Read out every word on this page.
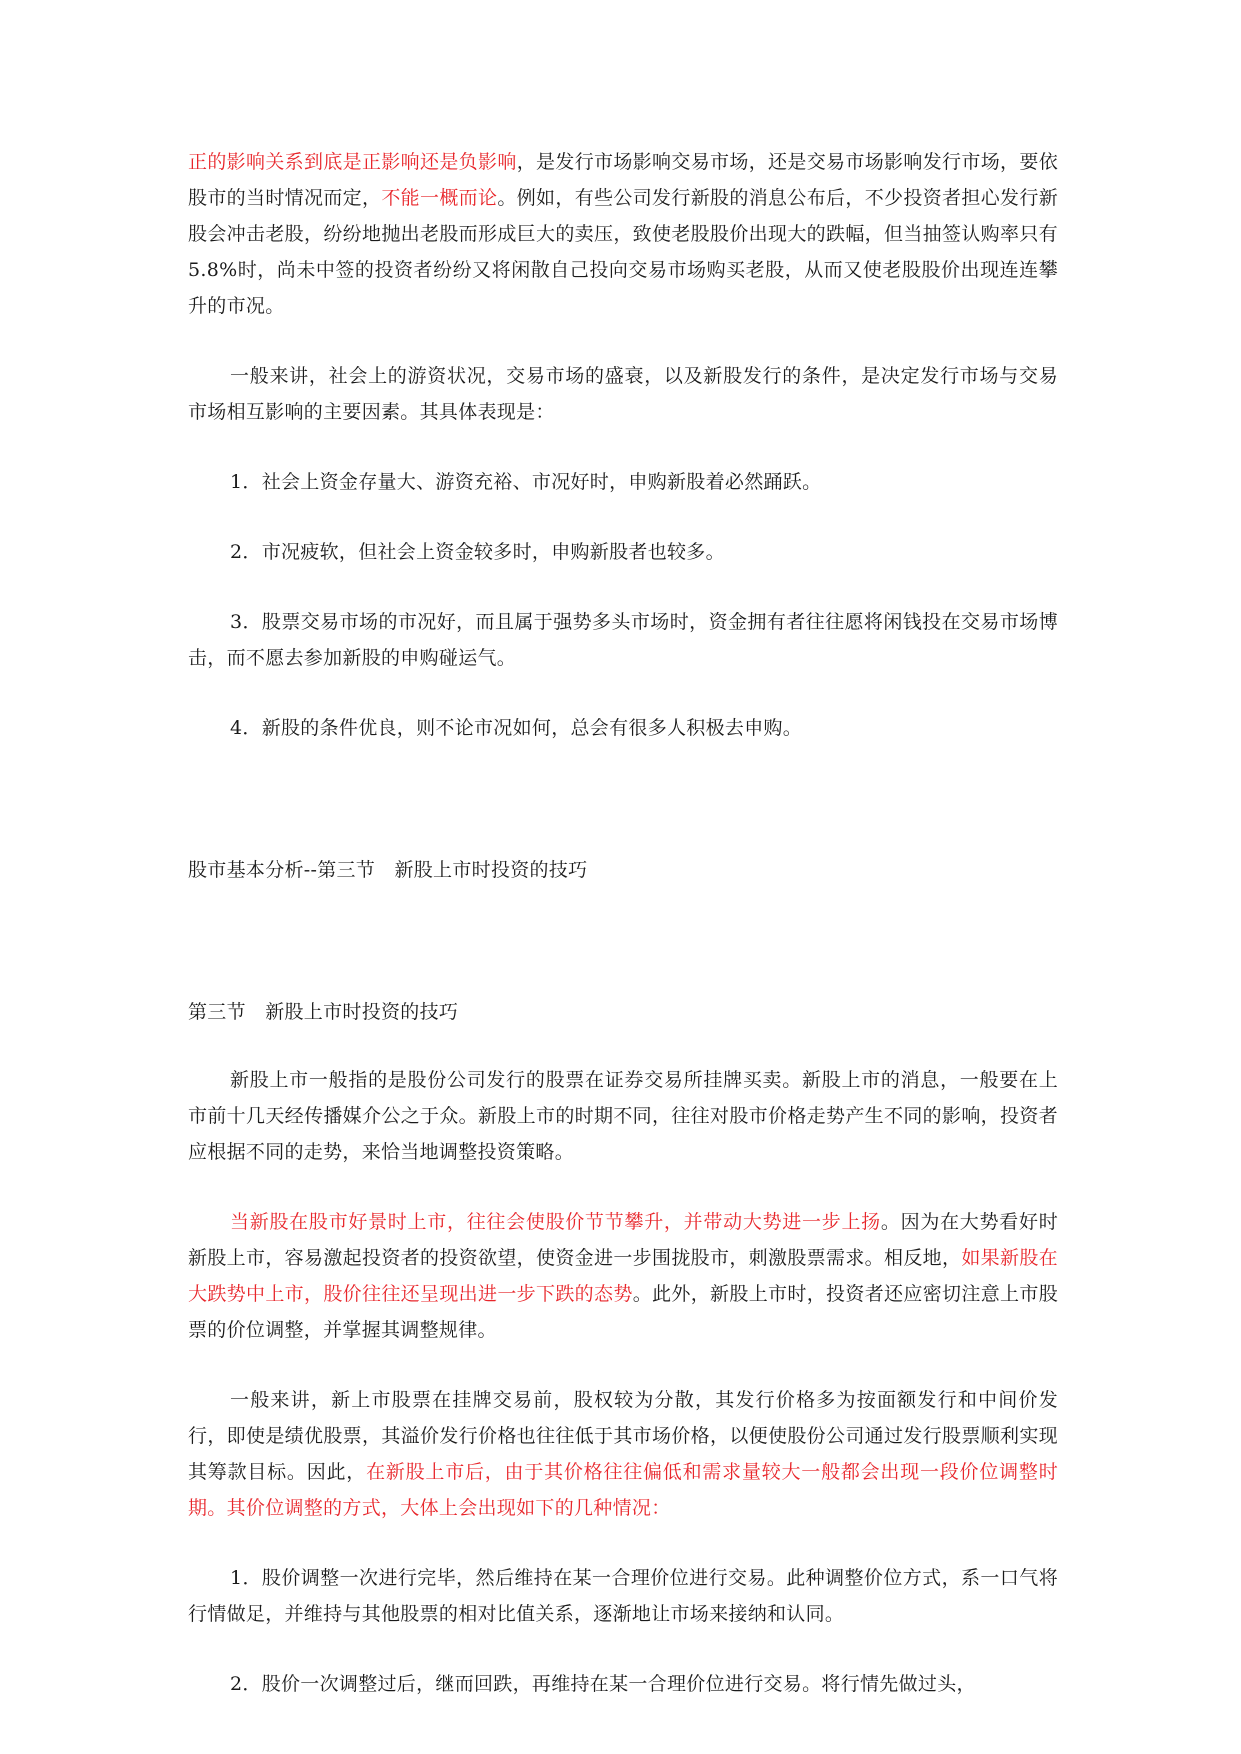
正的影响关系到底是正影响还是负影响，是发行市场影响交易市场，还是交易市场影响发行市场，要依股市的当时情况而定，不能一概而论。例如，有些公司发行新股的消息公布后，不少投资者担心发行新股会冲击老股，纷纷地抛出老股而形成巨大的卖压，致使老股股价出现大的跌幅，但当抽签认购率只有 5.8%时，尚未中签的投资者纷纷又将闲散自己投向交易市场购买老股，从而又使老股股价出现连连攀升的市况。

一般来讲，社会上的游资状况，交易市场的盛衰，以及新股发行的条件，是决定发行市场与交易市场相互影响的主要因素。其具体表现是：

1．社会上资金存量大、游资充裕、市况好时，申购新股着必然踊跃。

2．市况疲软，但社会上资金较多时，申购新股者也较多。

3．股票交易市场的市况好，而且属于强势多头市场时，资金拥有者往往愿将闲钱投在交易市场博击，而不愿去参加新股的申购碰运气。

4．新股的条件优良，则不论市况如何，总会有很多人积极去申购。

股市基本分析--第三节　新股上市时投资的技巧

第三节　新股上市时投资的技巧

新股上市一般指的是股份公司发行的股票在证券交易所挂牌买卖。新股上市的消息，一般要在上市前十几天经传播媒介公之于众。新股上市的时期不同，往往对股市价格走势产生不同的影响，投资者应根据不同的走势，来恰当地调整投资策略。

当新股在股市好景时上市，往往会使股价节节攀升，并带动大势进一步上扬。因为在大势看好时新股上市，容易激起投资者的投资欲望，使资金进一步围拢股市，刺激股票需求。相反地，如果新股在大跌势中上市，股价往往还呈现出进一步下跌的态势。此外，新股上市时，投资者还应密切注意上市股票的价位调整，并掌握其调整规律。

一般来讲，新上市股票在挂牌交易前，股权较为分散，其发行价格多为按面额发行和中间价发行，即使是绩优股票，其溢价发行价格也往往低于其市场价格，以便使股份公司通过发行股票顺利实现其筹款目标。因此，在新股上市后，由于其价格往往偏低和需求量较大一般都会出现一段价位调整时期。其价位调整的方式，大体上会出现如下的几种情况：

1．股价调整一次进行完毕，然后维持在某一合理价位进行交易。此种调整价位方式，系一口气将行情做足，并维持与其他股票的相对比值关系，逐渐地让市场来接纳和认同。

2．股价一次调整过后，继而回跌，再维持在某一合理价位进行交易。将行情先做过头，
